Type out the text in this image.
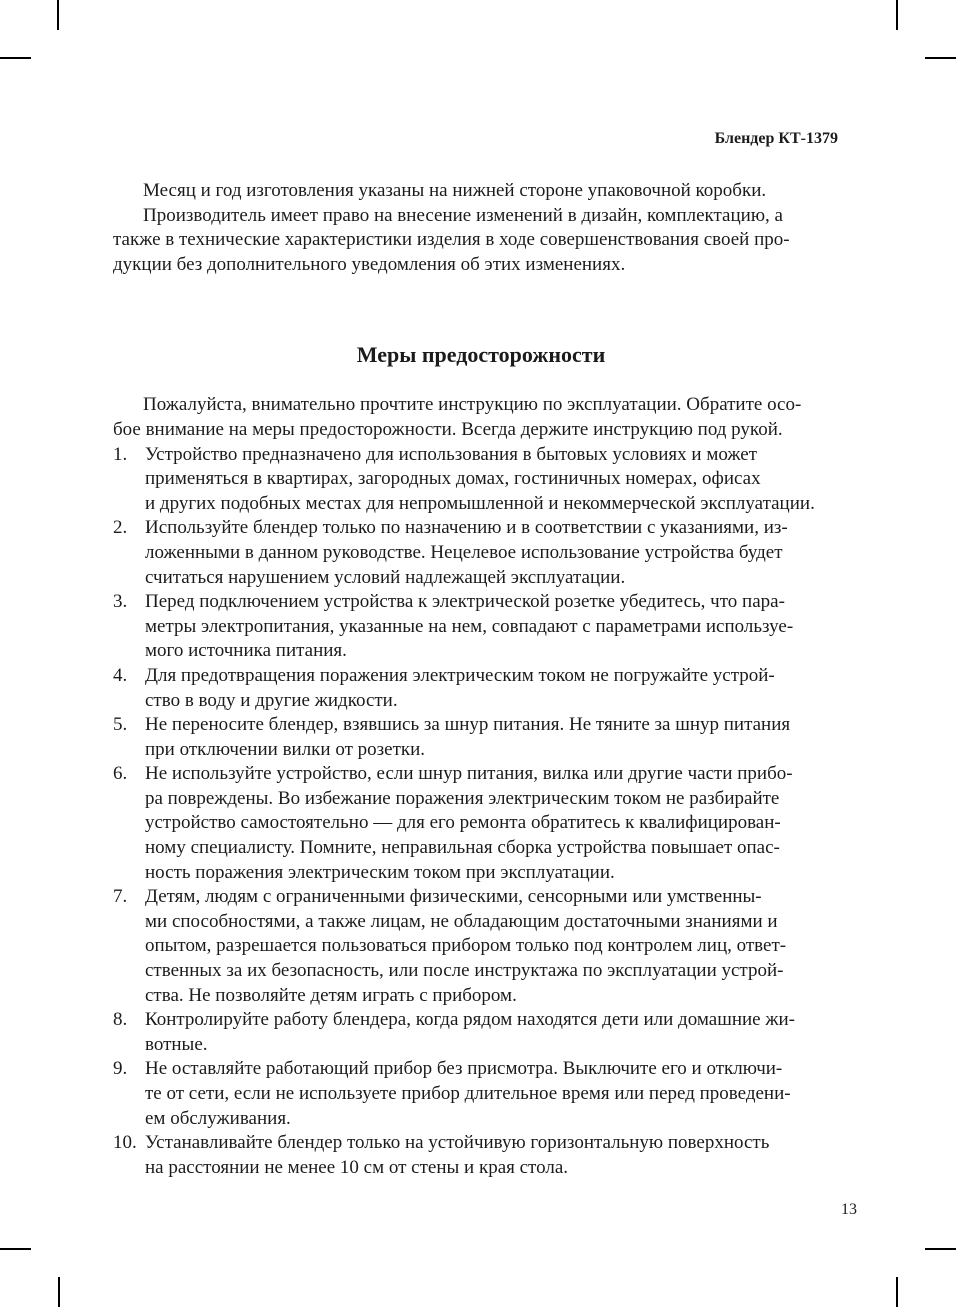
Блендер КТ-1379
Месяц и год изготовления указаны на нижней стороне упаковочной коробки.
Производитель имеет право на внесение изменений в дизайн, комплектацию, а
также в технические характеристики изделия в ходе совершенствования своей про-
дукции без дополнительного уведомления об этих изменениях.
Меры предосторожности
Пожалуйста, внимательно прочтите инструкцию по эксплуатации. Обратите осо-
бое внимание на меры предосторожности. Всегда держите инструкцию под рукой.
1. Устройство предназначено для использования в бытовых условиях и может
применяться в квартирах, загородных домах, гостиничных номерах, офисах
и других подобных местах для непромышленной и некоммерческой эксплуатации.
2. Используйте блендер только по назначению и в соответствии с указаниями, из-
ложенными в данном руководстве. Нецелевое использование устройства будет
считаться нарушением условий надлежащей эксплуатации.
3. Перед подключением устройства к электрической розетке убедитесь, что пара-
метры электропитания, указанные на нем, совпадают с параметрами используе-
мого источника питания.
4. Для предотвращения поражения электрическим током не погружайте устрой-
ство в воду и другие жидкости.
5. Не переносите блендер, взявшись за шнур питания. Не тяните за шнур питания
при отключении вилки от розетки.
6. Не используйте устройство, если шнур питания, вилка или другие части прибо-
ра повреждены. Во избежание поражения электрическим током не разбирайте
устройство самостоятельно — для его ремонта обратитесь к квалифицирован-
ному специалисту. Помните, неправильная сборка устройства повышает опас-
ность поражения электрическим током при эксплуатации.
7. Детям, людям с ограниченными физическими, сенсорными или умственны-
ми способностями, а также лицам, не обладающим достаточными знаниями и
опытом, разрешается пользоваться прибором только под контролем лиц, ответ-
ственных за их безопасность, или после инструктажа по эксплуатации устрой-
ства. Не позволяйте детям играть с прибором.
8. Контролируйте работу блендера, когда рядом находятся дети или домашние жи-
вотные.
9. Не оставляйте работающий прибор без присмотра. Выключите его и отключи-
те от сети, если не используете прибор длительное время или перед проведени-
ем обслуживания.
10. Устанавливайте блендер только на устойчивую горизонтальную поверхность
на расстоянии не менее 10 см от стены и края стола.
13
